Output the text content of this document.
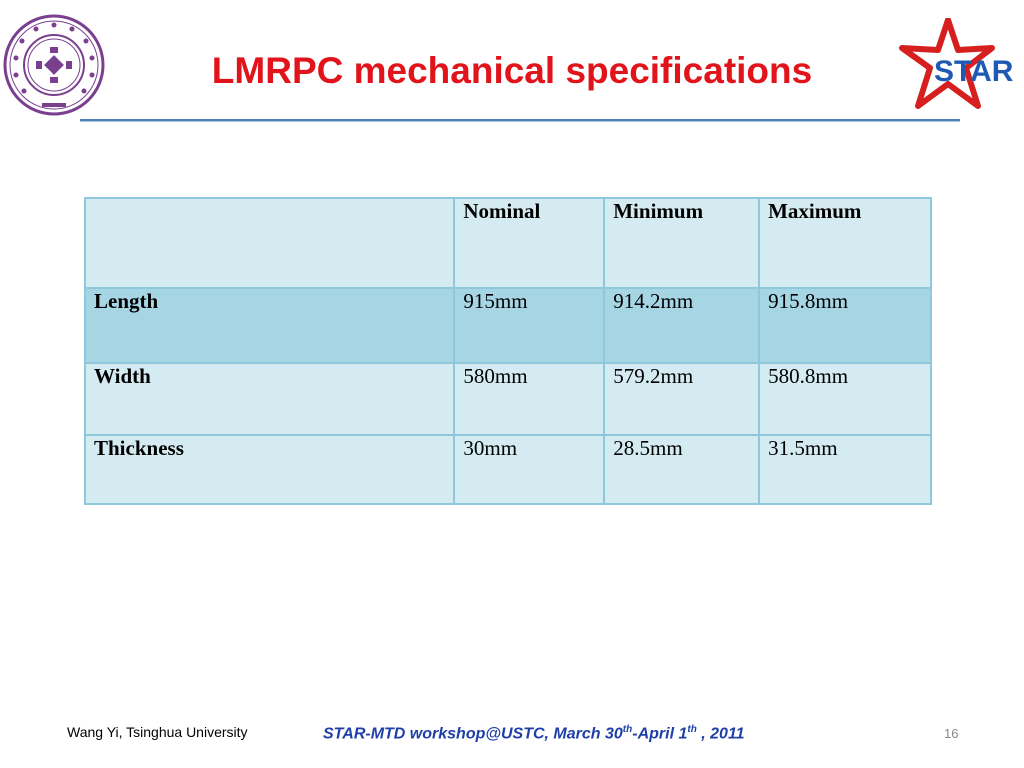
LMRPC mechanical specifications	STAR
	Nominal	Minimum	Maximum
Length	915mm	914.2mm	915.8mm
Width	580mm	579.2mm	580.8mm
Thickness	30mm	28.5mm	31.5mm
Wang Yi, Tsinghua University	STAR-MTD workshop@USTC, March 30th-April 1th , 2011	16
